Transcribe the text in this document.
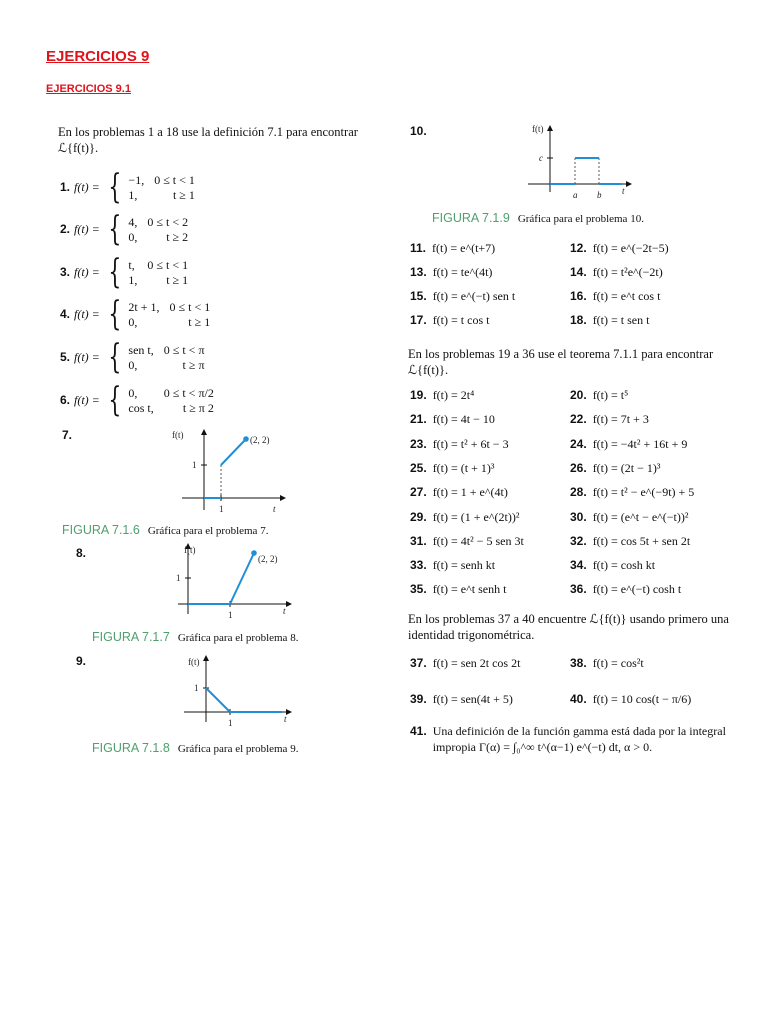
EJERCICIOS 9
EJERCICIOS 9.1
En los problemas 1 a 18 use la definición 7.1 para encontrar ℒ{f(t)}.
1. f(t) = { −1, 0 ≤ t < 1
1,	t ≥ 1
2. f(t) = { 4, 0 ≤ t < 2
0,	t ≥ 2
3. f(t) = { t, 0 ≤ t < 1
1,	t ≥ 1
4. f(t) = { 2t + 1, 0 ≤ t < 1
0,	t ≥ 1
5. f(t) = { sen t, 0 ≤ t < π
0,	t ≥ π
6. f(t) = { 0,	0 ≤ t < π/2
cos t,	t ≥ π 2
7.	f(t)
1
1	t
(2, 2)
FIGURA 7.1.6 Gráfica para el problema 7.
8.	f(t)
1
1	t
(2, 2)
FIGURA 7.1.7 Gráfica para el problema 8.
9.	f(t)
1
1	t
FIGURA 7.1.8 Gráfica para el problema 9.
10.	f(t)
c
a b t
FIGURA 7.1.9 Gráfica para el problema 10.
11. f(t) = e^(t+7)	12. f(t) = e^(−2t−5)
13. f(t) = te^(4t)	14. f(t) = t²e^(−2t)
15. f(t) = e^(−t) sen t	16. f(t) = e^t cos t
17. f(t) = t cos t	18. f(t) = t sen t
En los problemas 19 a 36 use el teorema 7.1.1 para encontrar ℒ{f(t)}.
19. f(t) = 2t⁴	20. f(t) = t⁵
21. f(t) = 4t − 10	22. f(t) = 7t + 3
23. f(t) = t² + 6t − 3	24. f(t) = −4t² + 16t + 9
25. f(t) = (t + 1)³	26. f(t) = (2t − 1)³
27. f(t) = 1 + e^(4t)	28. f(t) = t² − e^(−9t) + 5
29. f(t) = (1 + e^(2t))²	30. f(t) = (e^t − e^(−t))²
31. f(t) = 4t² − 5 sen 3t	32. f(t) = cos 5t + sen 2t
33. f(t) = senh kt	34. f(t) = cosh kt
35. f(t) = e^t senh t	36. f(t) = e^(−t) cosh t
En los problemas 37 a 40 encuentre ℒ{f(t)} usando primero una identidad trigonométrica.
37. f(t) = sen 2t cos 2t	38. f(t) = cos²t
39. f(t) = sen(4t + 5)	40. f(t) = 10 cos(t − π/6)
41. Una definición de la función gamma está dada por la integral impropia Γ(α) = ∫₀^∞ t^(α−1) e^(−t) dt, α > 0.
